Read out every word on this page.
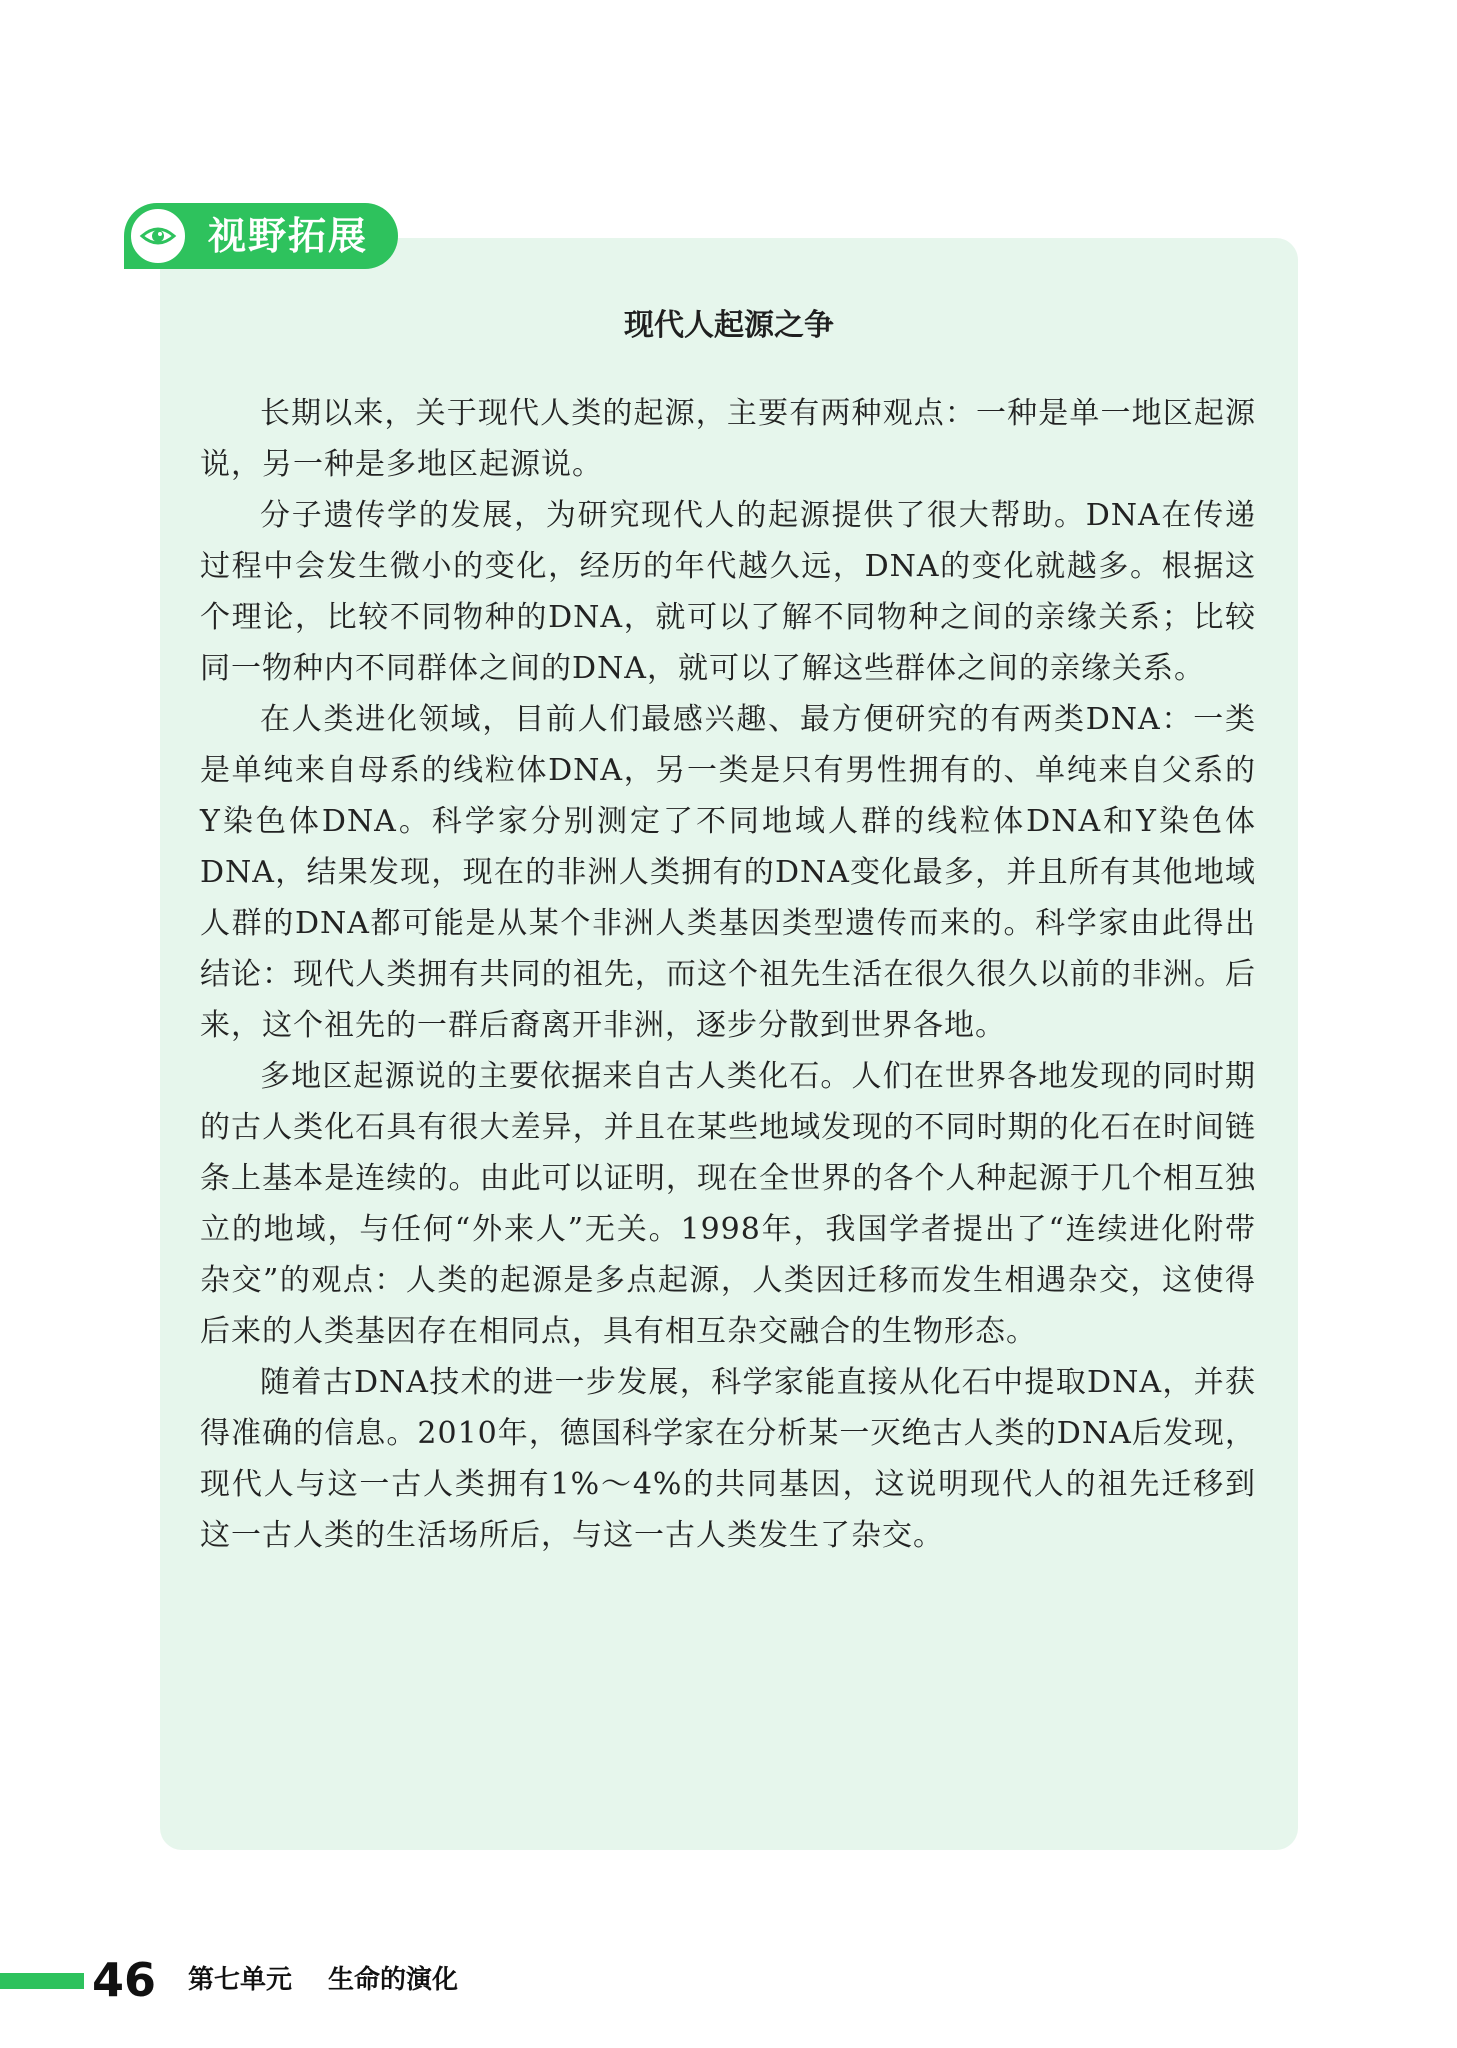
视野拓展
现代人起源之争

长期以来，关于现代人类的起源，主要有两种观点：一种是单一地区起源说，另一种是多地区起源说。

分子遗传学的发展，为研究现代人的起源提供了很大帮助。DNA在传递过程中会发生微小的变化，经历的年代越久远，DNA的变化就越多。根据这个理论，比较不同物种的DNA，就可以了解不同物种之间的亲缘关系；比较同一物种内不同群体之间的DNA，就可以了解这些群体之间的亲缘关系。

在人类进化领域，目前人们最感兴趣、最方便研究的有两类DNA：一类是单纯来自母系的线粒体DNA，另一类是只有男性拥有的、单纯来自父系的Y染色体DNA。科学家分别测定了不同地域人群的线粒体DNA和Y染色体DNA，结果发现，现在的非洲人类拥有的DNA变化最多，并且所有其他地域人群的DNA都可能是从某个非洲人类基因类型遗传而来的。科学家由此得出结论：现代人类拥有共同的祖先，而这个祖先生活在很久很久以前的非洲。后来，这个祖先的一群后裔离开非洲，逐步分散到世界各地。

多地区起源说的主要依据来自古人类化石。人们在世界各地发现的同时期的古人类化石具有很大差异，并且在某些地域发现的不同时期的化石在时间链条上基本是连续的。由此可以证明，现在全世界的各个人种起源于几个相互独立的地域，与任何“外来人”无关。1998年，我国学者提出了“连续进化附带杂交”的观点：人类的起源是多点起源，人类因迁移而发生相遇杂交，这使得后来的人类基因存在相同点，具有相互杂交融合的生物形态。

随着古DNA技术的进一步发展，科学家能直接从化石中提取DNA，并获得准确的信息。2010年，德国科学家在分析某一灭绝古人类的DNA后发现，现代人与这一古人类拥有1%～4%的共同基因，这说明现代人的祖先迁移到这一古人类的生活场所后，与这一古人类发生了杂交。

46 第七单元 生命的演化
